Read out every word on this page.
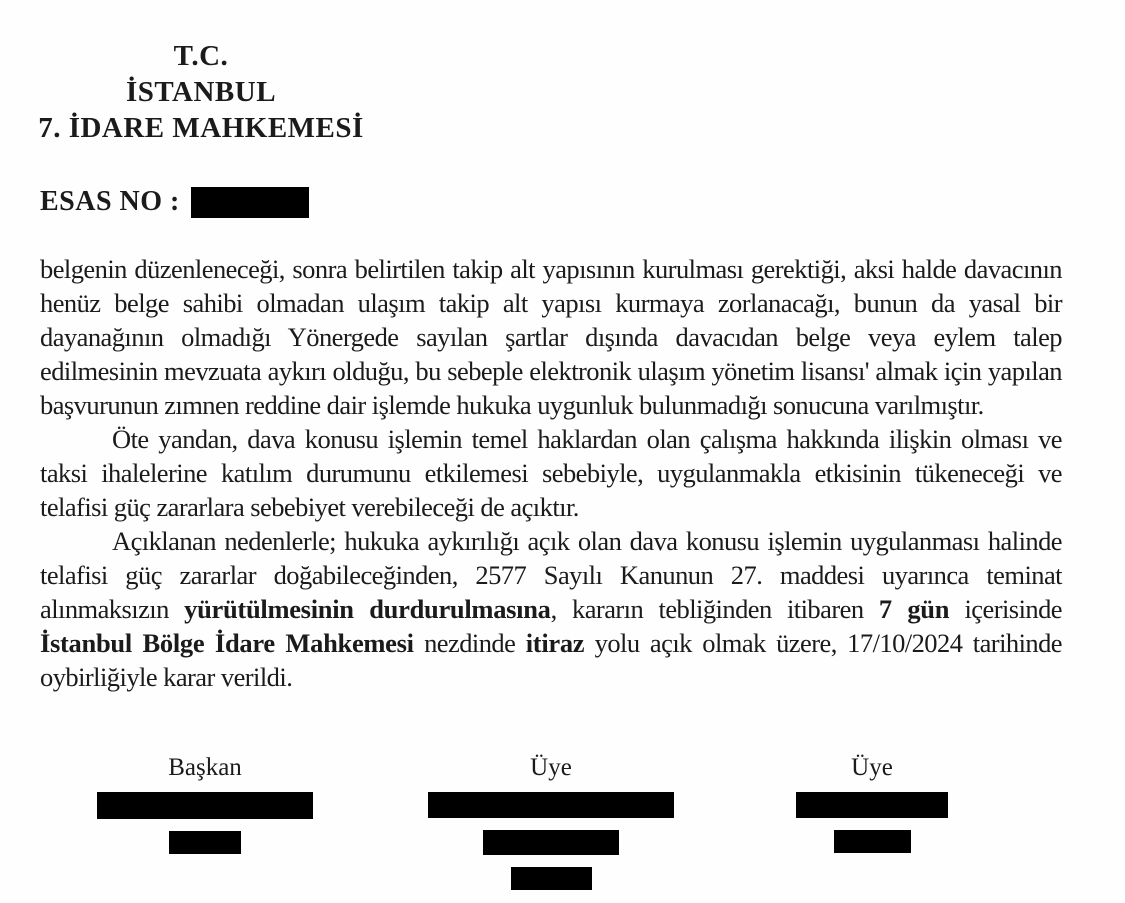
T.C.
İSTANBUL
7. İDARE MAHKEMESİ
ESAS NO :

belgenin düzenleneceği, sonra belirtilen takip alt yapısının kurulması gerektiği, aksi halde davacının henüz belge sahibi olmadan ulaşım takip alt yapısı kurmaya zorlanacağı, bunun da yasal bir dayanağının olmadığı Yönergede sayılan şartlar dışında davacıdan belge veya eylem talep edilmesinin mevzuata aykırı olduğu, bu sebeple elektronik ulaşım yönetim lisansı' almak için yapılan başvurunun zımnen reddine dair işlemde hukuka uygunluk bulunmadığı sonucuna varılmıştır.

Öte yandan, dava konusu işlemin temel haklardan olan çalışma hakkında ilişkin olması ve taksi ihalelerine katılım durumunu etkilemesi sebebiyle, uygulanmakla etkisinin tükeneceği ve telafisi güç zararlara sebebiyet verebileceği de açıktır.

Açıklanan nedenlerle; hukuka aykırılığı açık olan dava konusu işlemin uygulanması halinde telafisi güç zararlar doğabileceğinden, 2577 Sayılı Kanunun 27. maddesi uyarınca teminat alınmaksızın yürütülmesinin durdurulmasına, kararın tebliğinden itibaren 7 gün içerisinde İstanbul Bölge İdare Mahkemesi nezdinde itiraz yolu açık olmak üzere, 17/10/2024 tarihinde oybirliğiyle karar verildi.

Başkan	Üye	Üye
